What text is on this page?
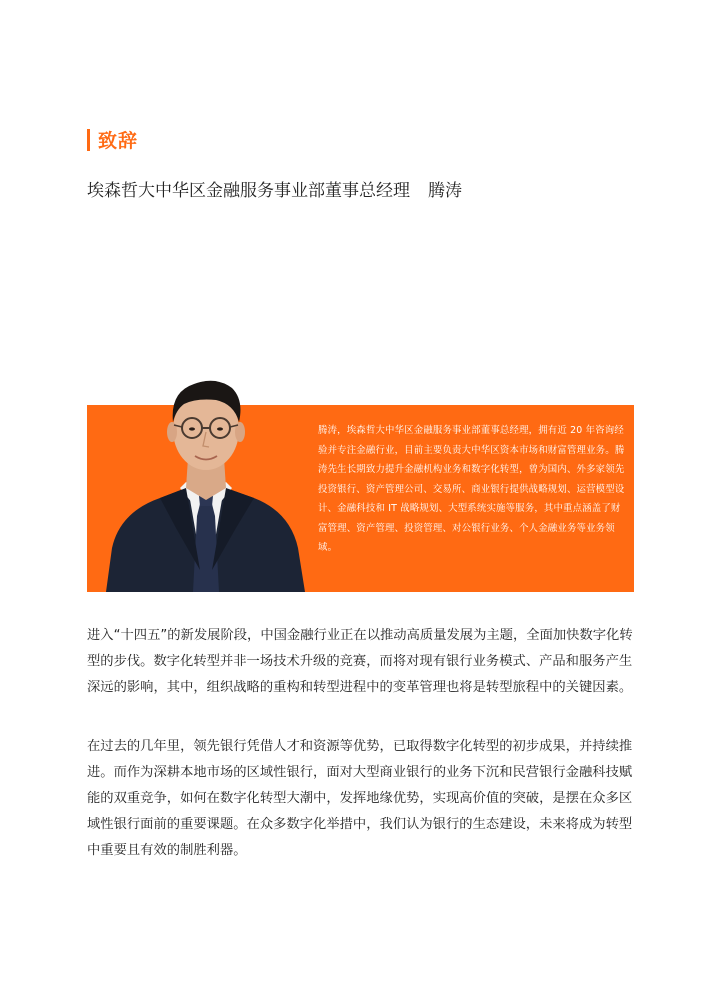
致辞
埃森哲大中华区金融服务事业部董事总经理 腾涛
腾涛，埃森哲大中华区金融服务事业部董事总经理，拥有近 20 年咨询经验并专注金融行业，目前主要负责大中华区资本市场和财富管理业务。腾涛先生长期致力提升金融机构业务和数字化转型，曾为国内、外多家领先投资银行、资产管理公司、交易所、商业银行提供战略规划、运营模型设计、金融科技和 IT 战略规划、大型系统实施等服务，其中重点涵盖了财富管理、资产管理、投资管理、对公银行业务、个人金融业务等业务领域。
进入“十四五”的新发展阶段，中国金融行业正在以推动高质量发展为主题，全面加快数字化转型的步伐。数字化转型并非一场技术升级的竞赛，而将对现有银行业务模式、产品和服务产生深远的影响，其中，组织战略的重构和转型进程中的变革管理也将是转型旅程中的关键因素。
在过去的几年里，领先银行凭借人才和资源等优势，已取得数字化转型的初步成果，并持续推进。而作为深耕本地市场的区域性银行，面对大型商业银行的业务下沉和民营银行金融科技赋能的双重竞争，如何在数字化转型大潮中，发挥地缘优势，实现高价值的突破，是摆在众多区域性银行面前的重要课题。在众多数字化举措中，我们认为银行的生态建设，未来将成为转型中重要且有效的制胜利器。
